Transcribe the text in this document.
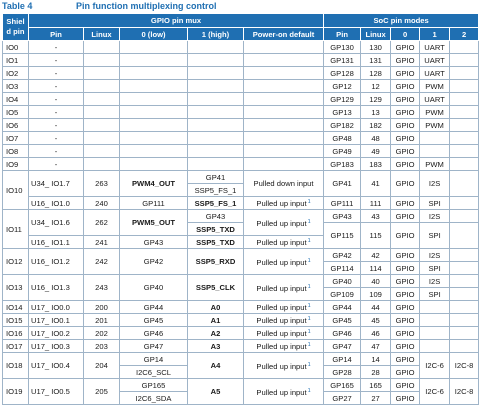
Table 4	Pin function multiplexing control
Shiel d pin	GPIO pin mux					SoC pin modes				
	Pin	Linux	0 (low)	1 (high)	Power-on default	Pin	Linux	0	1	2
IO0	-					GP130	130	GPIO	UART	
IO1	-					GP131	131	GPIO	UART	
IO2	-					GP128	128	GPIO	UART	
IO3	-					GP12	12	GPIO	PWM	
IO4	-					GP129	129	GPIO	UART	
IO5	-					GP13	13	GPIO	PWM	
IO6	-					GP182	182	GPIO	PWM	
IO7	-					GP48	48	GPIO		
IO8	-					GP49	49	GPIO		
IO9	-					GP183	183	GPIO	PWM	
IO10	U34_ IO1.7	263	PWM4_OUT	GP41	Pulled down input	GP41	41	GPIO	I2S	
				SSP5_FS_1						
	U16_ IO1.0	240	GP111	SSP5_FS_1	Pulled up input$^1$	GP111	111	GPIO	SPI	
IO11	U34_ IO1.6	262	PWM5_OUT	GP43	Pulled up input$^1$	GP43	43	GPIO	I2S	
				SSP5_TXD		GP115	115	GPIO	SPI	
	U16_ IO1.1	241	GP43	SSP5_TXD	Pulled up input$^1$
IO12	U16_ IO1.2	242	GP42	SSP5_RXD	Pulled up input$^1$	GP42	42	GPIO	I2S	
						GP114	114	GPIO	SPI	
IO13	U16_ IO1.3	243	GP40	SSP5_CLK	Pulled up input$^1$	GP40	40	GPIO	I2S	
						GP109	109	GPIO	SPI	
IO14	U17_ IO0.0	200	GP44	A0	Pulled up input$^1$	GP44	44	GPIO		
IO15	U17_ IO0.1	201	GP45	A1	Pulled up input$^1$	GP45	45	GPIO		
IO16	U17_ IO0.2	202	GP46	A2	Pulled up input$^1$	GP46	46	GPIO		
IO17	U17_ IO0.3	203	GP47	A3	Pulled up input$^1$	GP47	47	GPIO		
IO18	U17_ IO0.4	204	GP14	A4	Pulled up input$^1$	GP14	14	GPIO	I2C-6	I2C-8
			I2C6_SCL			GP28	28	GPIO		
IO19	U17_ IO0.5	205	GP165	A5	Pulled up input$^1$	GP165	165	GPIO	I2C-6	I2C-8
			I2C6_SDA			GP27	27	GPIO		
